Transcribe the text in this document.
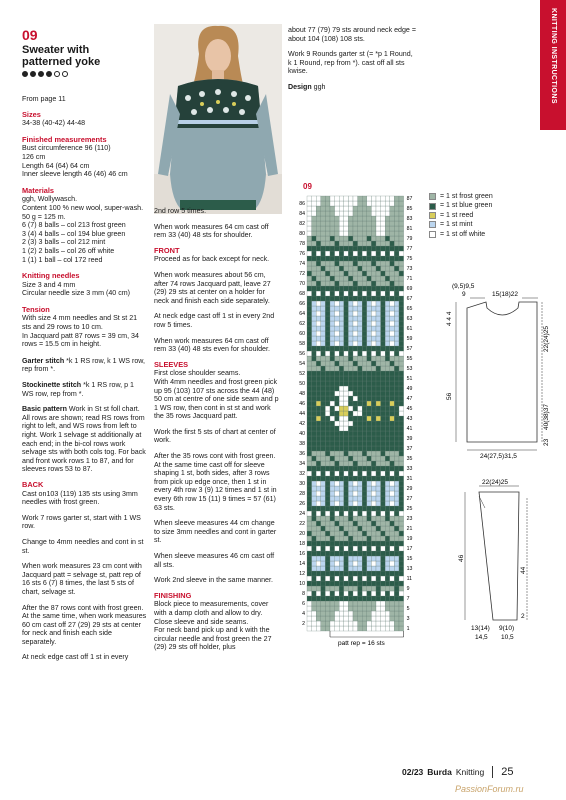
KNITTING INSTRUCTIONS
09
Sweater with patterned yoke

From page 11

Sizes
34-38 (40-42) 44-48
Finished measurements
Bust circumference 96 (110)
126 cm
Length 64 (64) 64 cm
Inner sleeve length 46 (46) 46 cm
Materials
ggh, Wollywasch.
Content 100 % new wool, super-wash.
50 g = 125 m.
6 (7) 8 balls – col 213 frost green
3 (4) 4 balls – col 194 blue green
2 (3) 3 balls – col 212 mint
1 (2) 2 balls – col 26 off white
1 (1) 1 ball – col 172 reed
Knitting needles
Size 3 and 4 mm
Circular needle size 3 mm (40 cm)
Tension
With size 4 mm needles and St st 21 sts and 29 rows to 10 cm.
In Jacquard patt 87 rows = 39 cm, 34 rows = 15.5 cm in height.

Garter stitch *k 1 RS row, k 1 WS row, rep from *.

Stockinette stitch *k 1 RS row, p 1 WS row, rep from *.

Basic pattern Work in St st foll chart. All rows are shown; read RS rows from right to left, and WS rows from left to right. Work 1 selvage st additionally at each end; in the bi-col rows work selvage sts with both cols tog. For back and front work rows 1 to 87, and for sleeves rows 53 to 87.

BACK

Cast on103 (119) 135 sts using 3mm needles with frost green.

Work 7 rows garter st, start with 1 WS row.

Change to 4mm needles and cont in st st.

When work measures 23 cm cont with Jacquard patt = selvage st, patt rep of 16 sts 6 (7) 8 times, the last 5 sts of chart, selvage st.

After the 87 rows cont with frost green. At the same time, when work measures 60 cm cast off 27 (29) 29 sts at center for neck and finish each side separately.

At neck edge cast off 1 st in every

2nd row 5 times.

When work measures 64 cm cast off rem 33 (40) 48 sts for shoulder.

FRONT

Proceed as for back except for neck.

When work measures about 56 cm, after 74 rows Jacquard patt, leave 27 (29) 29 sts at center on a holder for neck and finish each side separately.

At neck edge cast off 1 st in every 2nd row 5 times.

When work measures 64 cm cast off rem 33 (40) 48 sts even for shoulder.

SLEEVES
First close shoulder seams.

With 4mm needles and frost green pick up 95 (103) 107 sts across the 44 (48) 50 cm at centre of one side seam and p 1 WS row, then cont in st st and work the 35 rows Jacquard patt.

Work the first 5 sts of chart at center of work.

After the 35 rows cont with frost green. At the same time cast off for sleeve shaping 1 st, both sides, after 3 rows from pick up edge once, then 1 st in every 4th row 3 (9) 12 times and 1 st in every 6th row 15 (11) 9 times = 57 (61) 63 sts.

When sleeve measures 44 cm change to size 3mm needles and cont in garter st.

When sleeve measures 46 cm cast off all sts.

Work 2nd sleeve in the same manner.

FINISHING
Block piece to measurements, cover with a damp cloth and allow to dry.
Close sleeve and side seams.
For neck band pick up and k with the circular needle and frost green the 27 (29) 29 sts off holder, plus

about 77 (79) 79 sts around neck edge = about 104 (108) 108 sts.

Work 9 Rounds garter st (= *p 1 Round, k 1 Round, rep from *). cast off all sts kwise.

Design ggh

09
86
84
82
80
78
76
74
72
70
68
66
64
62
60
58
56
54
52
50
48
46
44
42
40
38
36
34
32
30
28
26
24
22
20
18
16
14
12
10
8
6
4
2
87
85
83
81
79
77
75
73
71
69
67
65
63
61
59
57
55
53
51
49
47
45
43
41
39
37
35
33
31
29
27
25
23
21
19
17
15
13
11
9
7
5
3
1
patt rep = 16 sts
= 1 st frost green
= 1 st blue green
= 1 st reed
= 1 st mint
= 1 st off white
(9,5)9,5
9	15(18)22
4 4 4
56
22(24)25
40(38)37
23
24(27,5)31,5
22(24)25
46
44
2
13(14) 9(10)
14,5 10,5
02/23 Burda Knitting 25
PassionForum.ru
